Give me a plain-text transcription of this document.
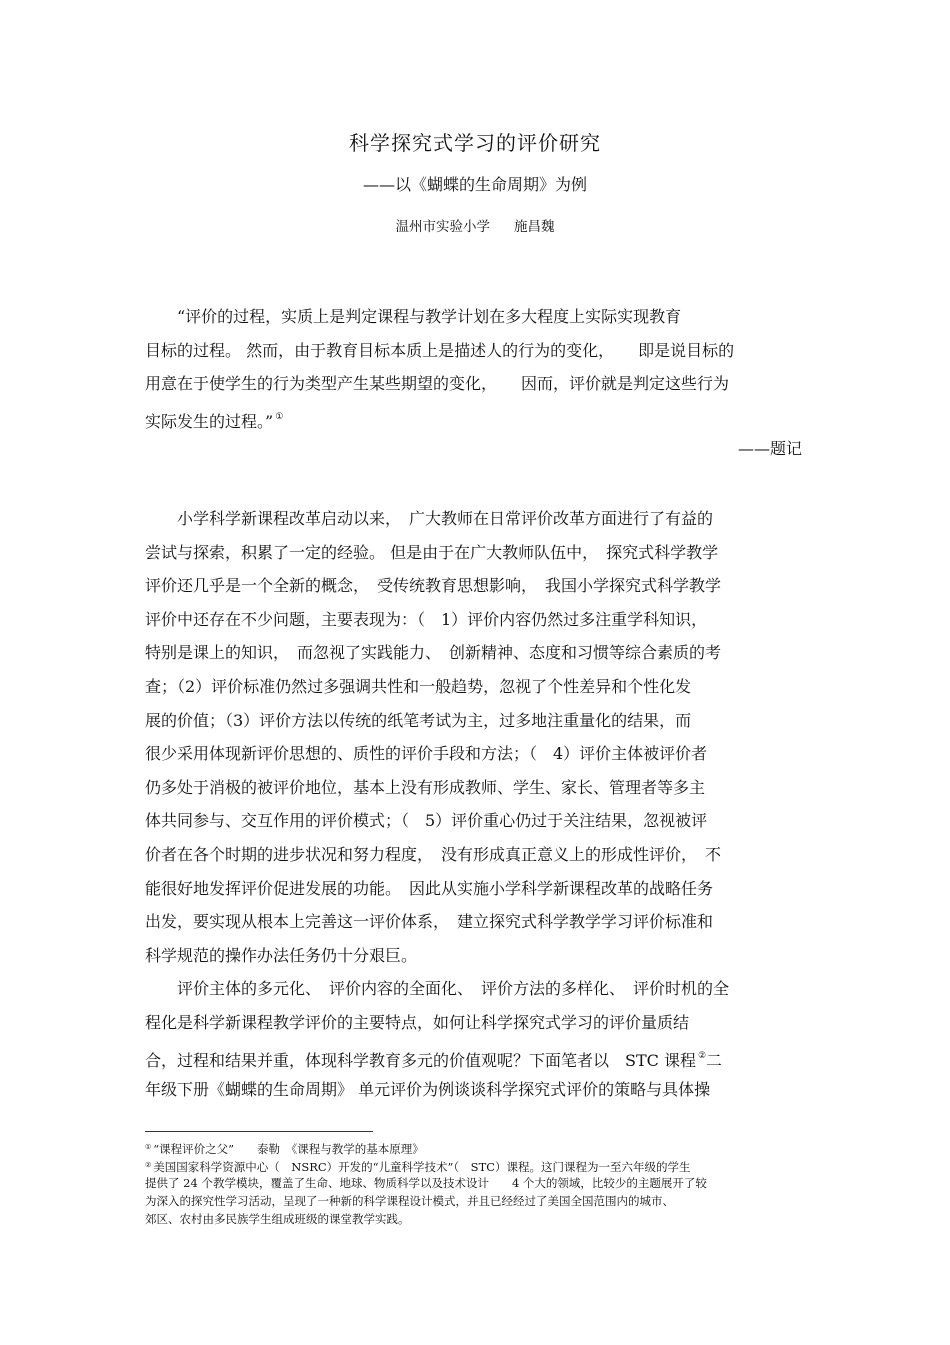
科学探究式学习的评价研究
——以《蝴蝶的生命周期》为例
温州市实验小学 施昌魏
　　“评价的过程，实质上是判定课程与教学计划在多大程度上实际实现教育
目标的过程。 然而，由于教育目标本质上是描述人的行为的变化，　　即是说目标的
用意在于使学生的行为类型产生某些期望的变化，　　因而，评价就是判定这些行为
实际发生的过程。” ①
——题记
　　小学科学新课程改革启动以来，　广大教师在日常评价改革方面进行了有益的
尝试与探索，积累了一定的经验。 但是由于在广大教师队伍中，　探究式科学教学
评价还几乎是一个全新的概念，　受传统教育思想影响，　我国小学探究式科学教学
评价中还存在不少问题，主要表现为：（　1）评价内容仍然过多注重学科知识，
特别是课上的知识，　而忽视了实践能力、　创新精神、态度和习惯等综合素质的考
查；（2）评价标准仍然过多强调共性和一般趋势，忽视了个性差异和个性化发
展的价值；（3）评价方法以传统的纸笔考试为主，过多地注重量化的结果，而
很少采用体现新评价思想的、质性的评价手段和方法；（　4）评价主体被评价者
仍多处于消极的被评价地位，基本上没有形成教师、学生、家长、管理者等多主
体共同参与、交互作用的评价模式；（　5）评价重心仍过于关注结果，忽视被评
价者在各个时期的进步状况和努力程度，　没有形成真正意义上的形成性评价，　不
能很好地发挥评价促进发展的功能。　因此从实施小学科学新课程改革的战略任务
出发，要实现从根本上完善这一评价体系，　建立探究式科学教学学习评价标准和
科学规范的操作办法任务仍十分艰巨。
　　评价主体的多元化、　评价内容的全面化、　评价方法的多样化、　评价时机的全
程化是科学新课程教学评价的主要特点，如何让科学探究式学习的评价量质结
合，过程和结果并重，体现科学教育多元的价值观呢？下面笔者以　STC 课程 ②二
年级下册《蝴蝶的生命周期》 单元评价为例谈谈科学探究式评价的策略与具体操
① “课程评价之父”　　泰勒　《课程与教学的基本原理》
② 美国国家科学资源中心（　NSRC）开发的“儿童科学技术”（　STC）课程。这门课程为一至六年级的学生
提供了 24 个教学模块，覆盖了生命、地球、物质科学以及技术设计　　4 个大的领域，比较少的主题展开了较
为深入的探究性学习活动，呈现了一种新的科学课程设计模式，并且已经经过了美国全国范围内的城市、
郊区、农村由多民族学生组成班级的课堂教学实践。
